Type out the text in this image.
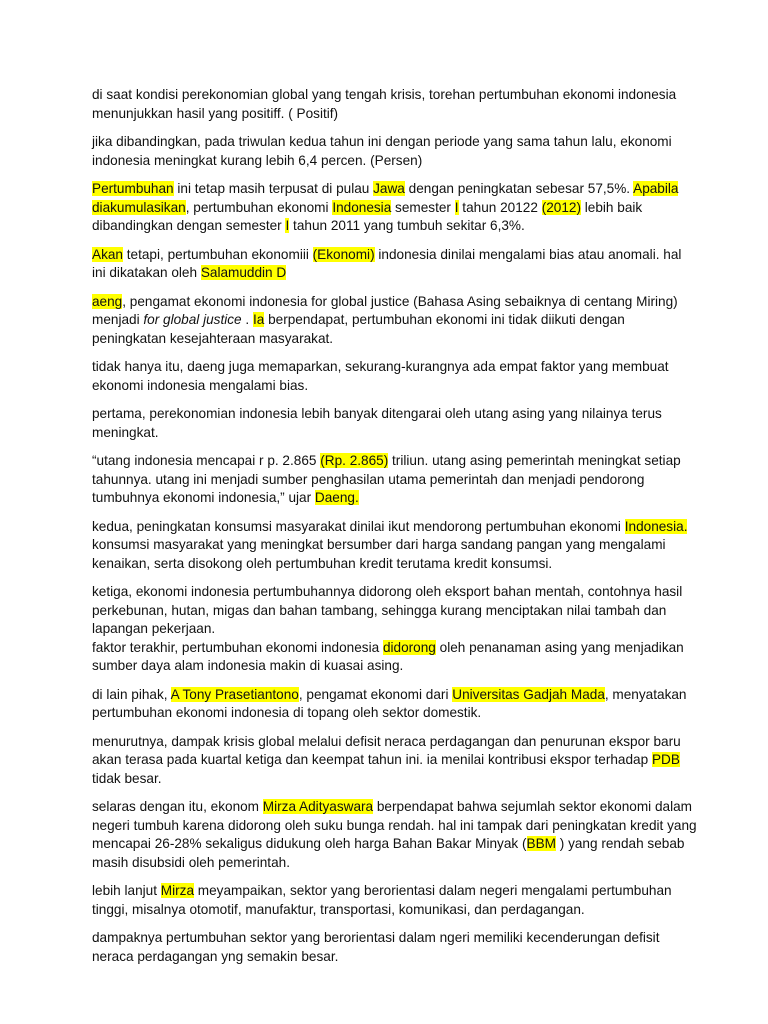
di saat kondisi perekonomian global yang tengah krisis, torehan pertumbuhan ekonomi indonesia menunjukkan hasil yang positiff. ( Positif)

jika dibandingkan, pada triwulan kedua tahun ini dengan periode yang sama tahun lalu, ekonomi indonesia meningkat kurang lebih 6,4 percen. (Persen)

Pertumbuhan ini tetap masih terpusat di pulau Jawa dengan peningkatan sebesar 57,5%. Apabila diakumulasikan, pertumbuhan ekonomi Indonesia semester I tahun 20122 (2012) lebih baik dibandingkan dengan semester I tahun 2011 yang tumbuh sekitar 6,3%.

Akan tetapi, pertumbuhan ekonomiii (Ekonomi) indonesia dinilai mengalami bias atau anomali. hal ini dikatakan oleh Salamuddin D

aeng, pengamat ekonomi indonesia for global justice (Bahasa Asing sebaiknya di centang Miring) menjadi for global justice . Ia berpendapat, pertumbuhan ekonomi ini tidak diikuti dengan peningkatan kesejahteraan masyarakat.

tidak hanya itu, daeng juga memaparkan, sekurang-kurangnya ada empat faktor yang membuat ekonomi indonesia mengalami bias.

pertama, perekonomian indonesia lebih banyak ditengarai oleh utang asing yang nilainya terus meningkat.

“utang indonesia mencapai r p. 2.865 (Rp. 2.865) triliun. utang asing pemerintah meningkat setiap tahunnya. utang ini menjadi sumber penghasilan utama pemerintah dan menjadi pendorong tumbuhnya ekonomi indonesia,” ujar Daeng.

kedua, peningkatan konsumsi masyarakat dinilai ikut mendorong pertumbuhan ekonomi Indonesia. konsumsi masyarakat yang meningkat bersumber dari harga sandang pangan yang mengalami kenaikan, serta disokong oleh pertumbuhan kredit terutama kredit konsumsi.

ketiga, ekonomi indonesia pertumbuhannya didorong oleh eksport bahan mentah, contohnya hasil perkebunan, hutan, migas dan bahan tambang, sehingga kurang menciptakan nilai tambah dan lapangan pekerjaan.

faktor terakhir, pertumbuhan ekonomi indonesia didorong oleh penanaman asing yang menjadikan sumber daya alam indonesia makin di kuasai asing.

di lain pihak, A Tony Prasetiantono, pengamat ekonomi dari Universitas Gadjah Mada, menyatakan pertumbuhan ekonomi indonesia di topang oleh sektor domestik.

menurutnya, dampak krisis global melalui defisit neraca perdagangan dan penurunan ekspor baru akan terasa pada kuartal ketiga dan keempat tahun ini. ia menilai kontribusi ekspor terhadap PDB tidak besar.

selaras dengan itu, ekonom Mirza Adityaswara berpendapat bahwa sejumlah sektor ekonomi dalam negeri tumbuh karena didorong oleh suku bunga rendah. hal ini tampak dari peningkatan kredit yang mencapai 26-28% sekaligus didukung oleh harga Bahan Bakar Minyak (BBM ) yang rendah sebab masih disubsidi oleh pemerintah.

lebih lanjut Mirza meyampaikan, sektor yang berorientasi dalam negeri mengalami pertumbuhan tinggi, misalnya otomotif, manufaktur, transportasi, komunikasi, dan perdagangan.

dampaknya pertumbuhan sektor yang berorientasi dalam ngeri memiliki kecenderungan defisit neraca perdagangan yng semakin besar.
